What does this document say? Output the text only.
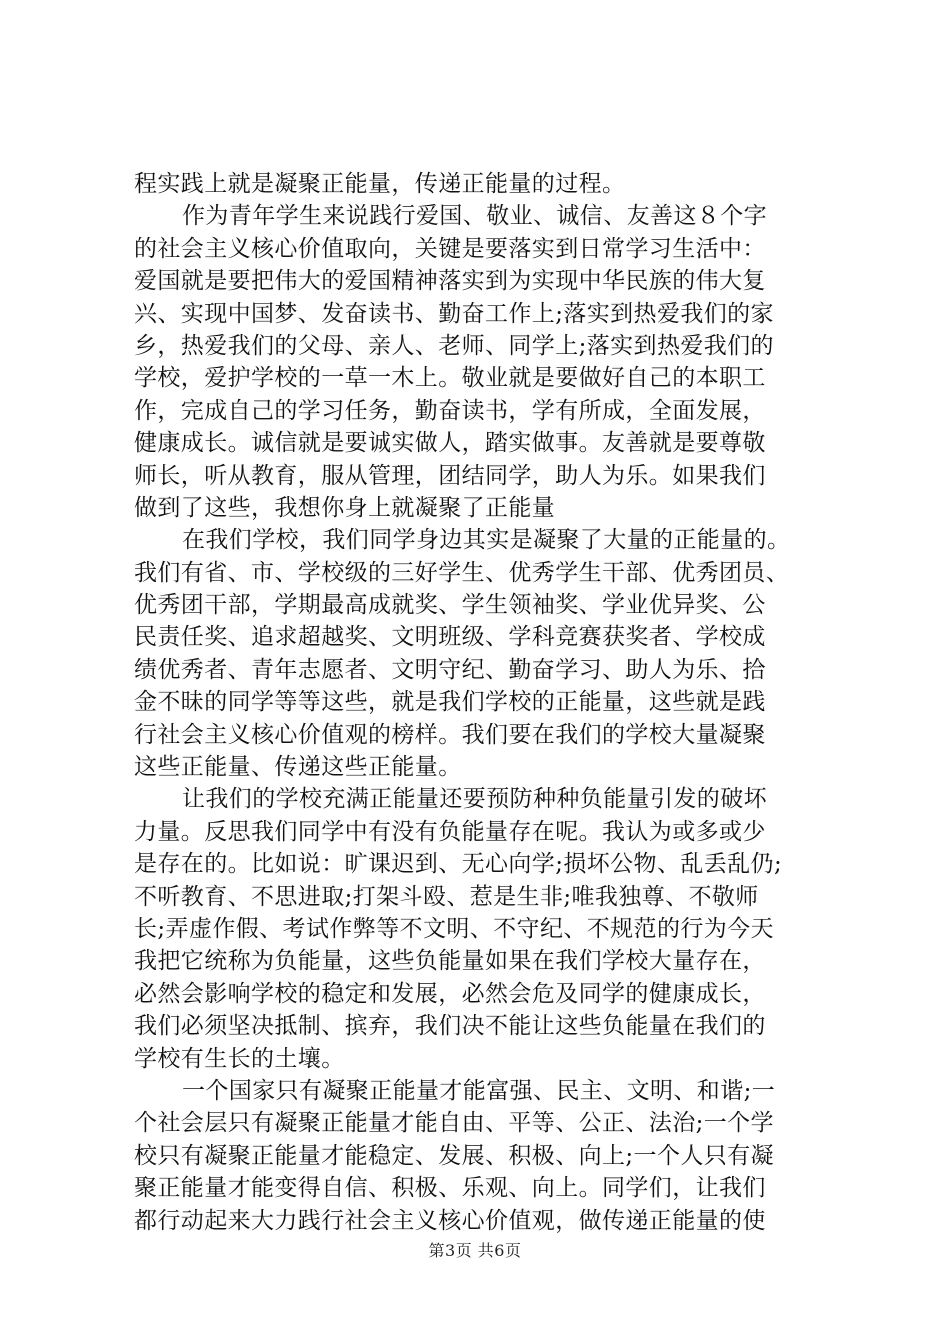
程实践上就是凝聚正能量，传递正能量的过程。
作为青年学生来说践行爱国、敬业、诚信、友善这８个字
的社会主义核心价值取向，关键是要落实到日常学习生活中：
爱国就是要把伟大的爱国精神落实到为实现中华民族的伟大复
兴、实现中国梦、发奋读书、勤奋工作上;落实到热爱我们的家
乡，热爱我们的父母、亲人、老师、同学上;落实到热爱我们的
学校，爱护学校的一草一木上。敬业就是要做好自己的本职工
作，完成自己的学习任务，勤奋读书，学有所成，全面发展，
健康成长。诚信就是要诚实做人，踏实做事。友善就是要尊敬
师长，听从教育，服从管理，团结同学，助人为乐。如果我们
做到了这些，我想你身上就凝聚了正能量
在我们学校，我们同学身边其实是凝聚了大量的正能量的。
我们有省、市、学校级的三好学生、优秀学生干部、优秀团员、
优秀团干部，学期最高成就奖、学生领袖奖、学业优异奖、公
民责任奖、追求超越奖、文明班级、学科竞赛获奖者、学校成
绩优秀者、青年志愿者、文明守纪、勤奋学习、助人为乐、拾
金不昧的同学等等这些，就是我们学校的正能量，这些就是践
行社会主义核心价值观的榜样。我们要在我们的学校大量凝聚
这些正能量、传递这些正能量。
让我们的学校充满正能量还要预防种种负能量引发的破坏
力量。反思我们同学中有没有负能量存在呢。我认为或多或少
是存在的。比如说：旷课迟到、无心向学;损坏公物、乱丢乱仍;
不听教育、不思进取;打架斗殴、惹是生非;唯我独尊、不敬师
长;弄虚作假、考试作弊等不文明、不守纪、不规范的行为今天
我把它统称为负能量，这些负能量如果在我们学校大量存在，
必然会影响学校的稳定和发展，必然会危及同学的健康成长，
我们必须坚决抵制、摈弃，我们决不能让这些负能量在我们的
学校有生长的土壤。
一个国家只有凝聚正能量才能富强、民主、文明、和谐;一
个社会层只有凝聚正能量才能自由、平等、公正、法治;一个学
校只有凝聚正能量才能稳定、发展、积极、向上;一个人只有凝
聚正能量才能变得自信、积极、乐观、向上。同学们，让我们
都行动起来大力践行社会主义核心价值观，做传递正能量的使
第3页 共6页
